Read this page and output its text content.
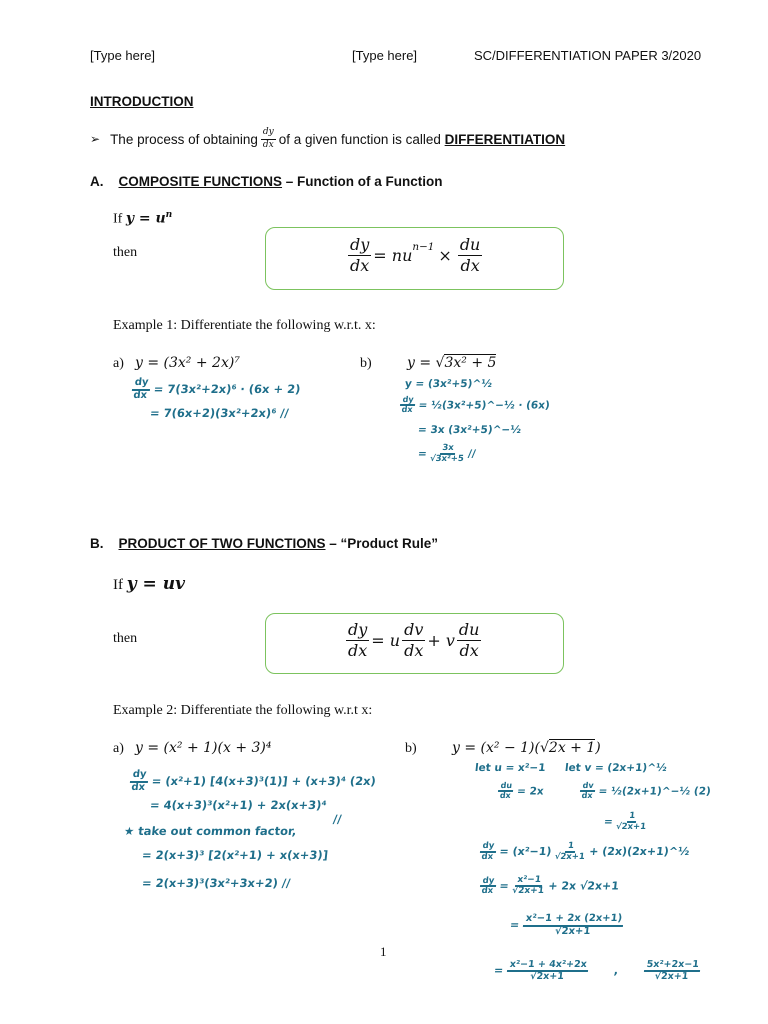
[Type here]	[Type here]	SC/DIFFERENTIATION PAPER 3/2020
INTRODUCTION
➢ The process of obtaining $\frac{dy}{dx}$ of a given function is called
DIFFERENTIATION
A. COMPOSITE FUNCTIONS – Function of a Function
If $y = u^n$
then	$\frac{dy}{dx} = nu^{n-1} \times \frac{du}{dx}$
Example 1: Differentiate the following w.r.t. x:
a) y = (3x² + 2x)⁷	b)	y = √3x² + 5
$\frac{dy}{dx} = 7(3x^2+2x)^6 \cdot (6x + 2)$
= 7(6x+2)(3x²+2x)⁶ //
y = (3x²+5)^½
$\frac{dy}{dx}$ = ½(3x²+5)^−½ · (6x)
= 3x (3x²+5)^−½
= $\frac{3x}{\text{√3x²+5}}$ //
B. PRODUCT OF TWO FUNCTIONS – “Product Rule”
If y = uv
then	$\frac{dy}{dx} = u \frac{dv}{dx} + v \frac{du}{dx}$
Example 2: Differentiate the following w.r.t x:
a) y = (x² + 1)(x + 3)⁴	b)	y = (x² − 1)(√2x + 1)
$\frac{dy}{dx} = (x^2+1) [4(x+3)^3(1)] + (x+3)^4$ (2x)
= 4(x+3)³(x²+1) + 2x(x+3)⁴ //
★ take out common factor,
= 2(x+3)³ [2(x²+1) + x(x+3)]
= 2(x+3)³(3x²+3x+2) //
let u = x²−1 let v = (2x+1)^½
$\frac{du}{dx} = 2x$	$\frac{dv}{dx}$ = ½(2x+1)^−½ (2)
= $\frac{1}{√2x+1}$
$\frac{dy}{dx} = (x^2-1) \frac{1}{√2x+1}$ + (2x)(2x+1)^½
$\frac{dy}{dx} = \frac{\text{x²−1}}{√2x+1} + 2x$ √2x+1
= $\frac{\text{x²−1 + 2x (2x+1)}}{√2x+1}$
= $\frac{\text{x²−1 + 4x²+2x}}{√2x+1}$ ,	$\frac{\text{5x²+2x−1}}{√2x+1}$
1
